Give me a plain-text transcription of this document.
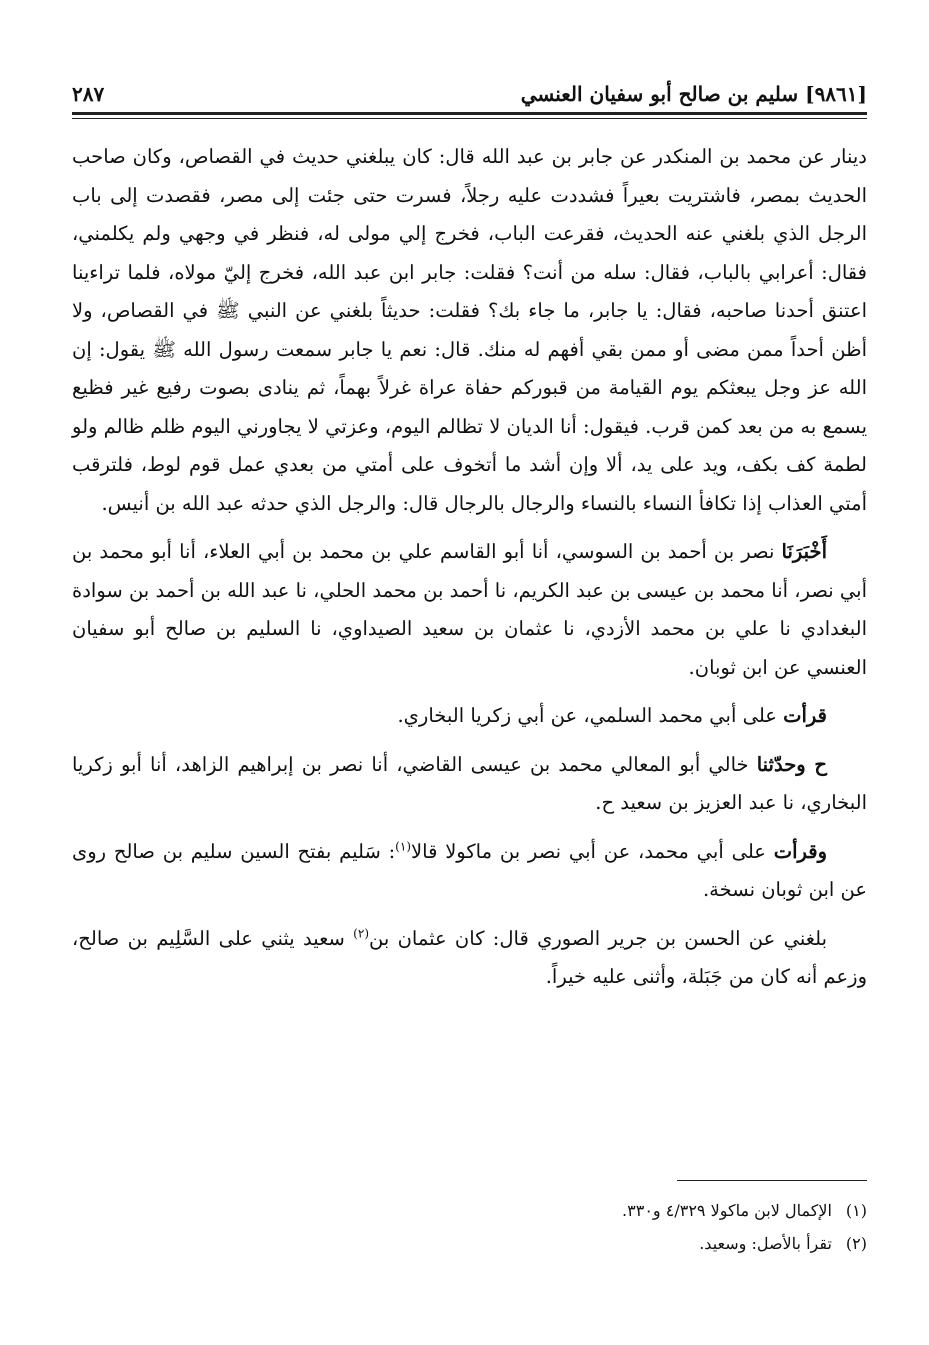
[٩٨٦١] سليم بن صالح أبو سفيان العنسي
٢٨٧

دينار عن محمد بن المنكدر عن جابر بن عبد الله قال: كان يبلغني حديث في القصاص، وكان صاحب الحديث بمصر، فاشتريت بعيراً فشددت عليه رجلاً، فسرت حتى جئت إلى مصر، فقصدت إلى باب الرجل الذي بلغني عنه الحديث، فقرعت الباب، فخرج إلي مولى له، فنظر في وجهي ولم يكلمني، فقال: أعرابي بالباب، فقال: سله من أنت؟ فقلت: جابر ابن عبد الله، فخرج إليّ مولاه، فلما تراءينا اعتنق أحدنا صاحبه، فقال: يا جابر، ما جاء بك؟ فقلت: حديثاً بلغني عن النبي ﷺ في القصاص، ولا أظن أحداً ممن مضى أو ممن بقي أفهم له منك. قال: نعم يا جابر سمعت رسول الله ﷺ يقول: إن الله عز وجل يبعثكم يوم القيامة من قبوركم حفاة عراة غرلاً بهماً، ثم ينادى بصوت رفيع غير فظيع يسمع به من بعد كمن قرب. فيقول: أنا الديان لا تظالم اليوم، وعزتي لا يجاورني اليوم ظلم ظالم ولو لطمة كف بكف، ويد على يد، ألا وإن أشد ما أتخوف على أمتي من بعدي عمل قوم لوط، فلترقب أمتي العذاب إذا تكافأ النساء بالنساء والرجال بالرجال قال: والرجل الذي حدثه عبد الله بن أنيس.

أَخْبَرَنَا نصر بن أحمد بن السوسي، أنا أبو القاسم علي بن محمد بن أبي العلاء، أنا أبو محمد بن أبي نصر، أنا محمد بن عيسى بن عبد الكريم، نا أحمد بن محمد الحلي، نا عبد الله بن أحمد بن سوادة البغدادي نا علي بن محمد الأزدي، نا عثمان بن سعيد الصيداوي، نا السليم بن صالح أبو سفيان العنسي عن ابن ثوبان.

قرأت على أبي محمد السلمي، عن أبي زكريا البخاري.

ح وحدّثنا خالي أبو المعالي محمد بن عيسى القاضي، أنا نصر بن إبراهيم الزاهد، أنا أبو زكريا البخاري، نا عبد العزيز بن سعيد ح.

وقرأت على أبي محمد، عن أبي نصر بن ماكولا قالا$^{(١)}$: سَليم بفتح السين سليم بن صالح روى عن ابن ثوبان نسخة.

بلغني عن الحسن بن جرير الصوري قال: كان عثمان بن$^{(٢)}$ سعيد يثني على السَّلِيم بن صالح، وزعم أنه كان من جَبَلة، وأثنى عليه خيراً.

(١) الإكمال لابن ماكولا ٤/٣٢٩ و٣٣٠.
(٢) تقرأ بالأصل: وسعيد.
